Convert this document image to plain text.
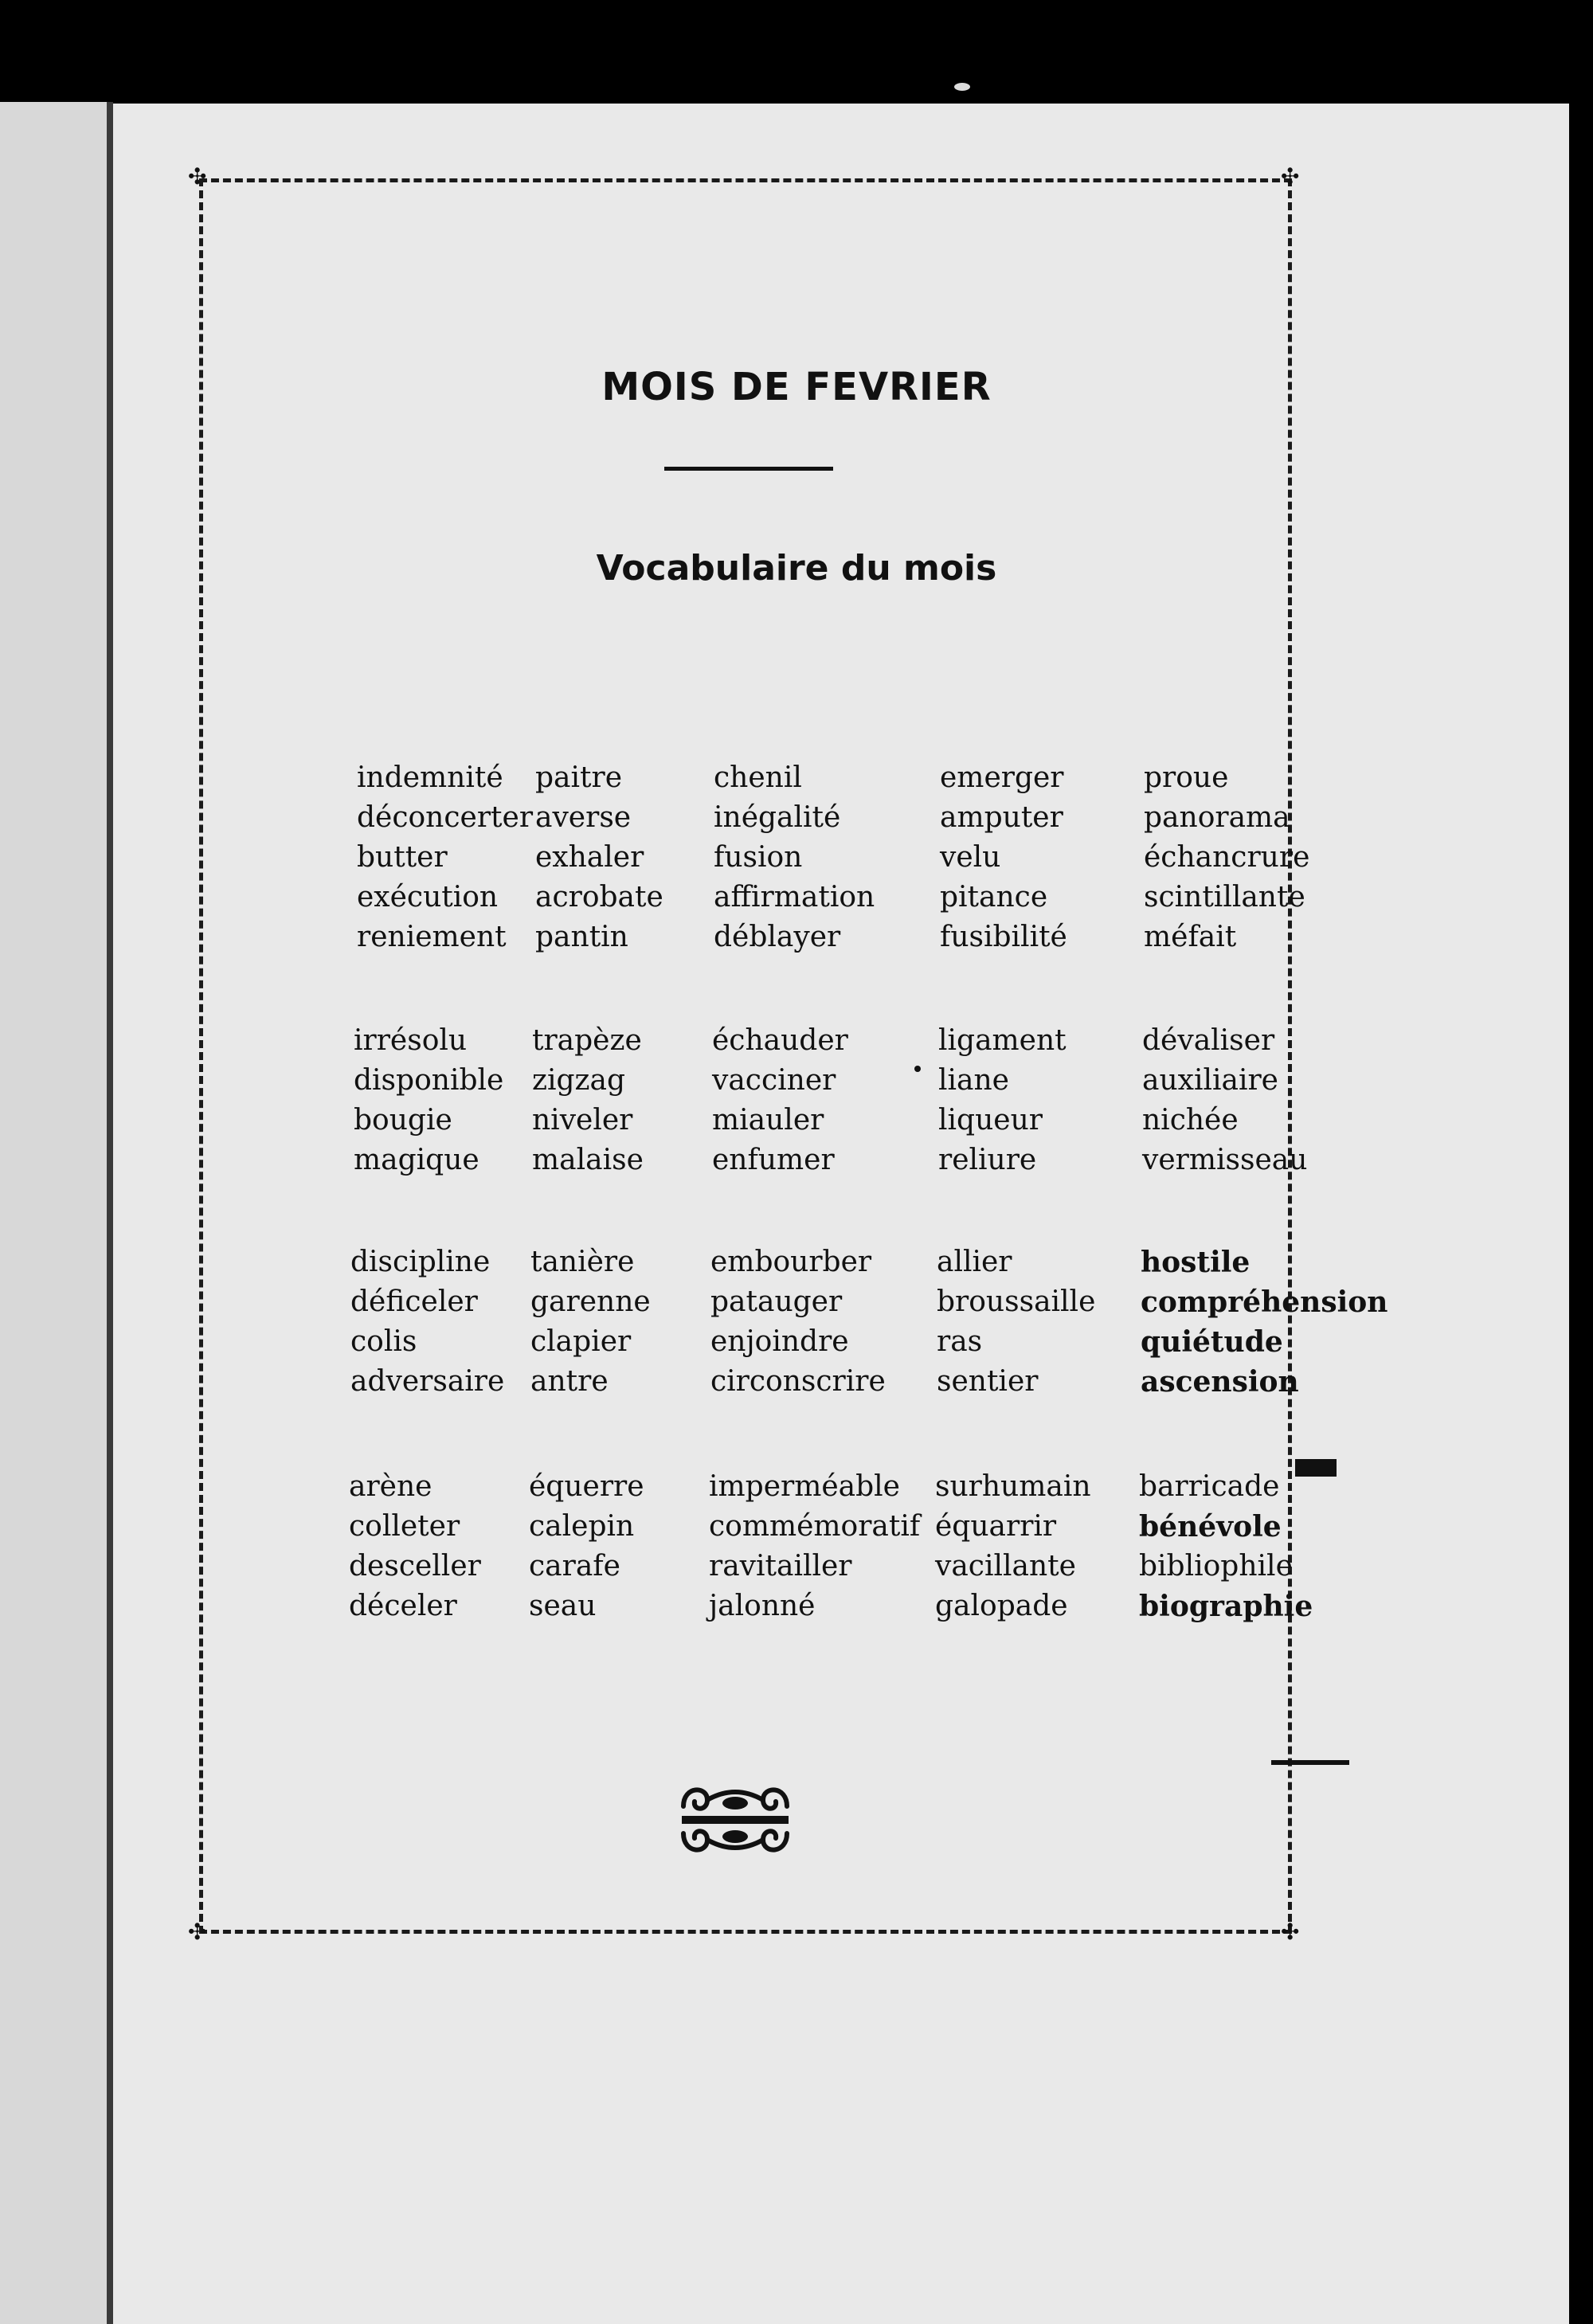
✣	✣
✣	✣
MOIS DE FEVRIER
Vocabulaire du mois
indemnité
déconcerter
butter
exécution
reniement
paitre
averse
exhaler
acrobate
pantin
chenil
inégalité
fusion
affirmation
déblayer
emerger
amputer
velu
pitance
fusibilité
proue
panorama
échancrure
scintillante
méfait
irrésolu
disponible
bougie
magique
trapèze
zigzag
niveler
malaise
échauder
vacciner
miauler
enfumer
ligament
liane
liqueur
reliure
dévaliser
auxiliaire
nichée
vermisseau
discipline
déficeler
colis
adversaire
tanière
garenne
clapier
antre
embourber
patauger
enjoindre
circonscrire
allier
broussaille
ras
sentier
hostile
compréhension
quiétude
ascension
arène
colleter
desceller
déceler
équerre
calepin
carafe
seau
imperméable
commémoratif
ravitailler
jalonné
surhumain
équarrir
vacillante
galopade
barricade
bénévole
bibliophile
biographie
